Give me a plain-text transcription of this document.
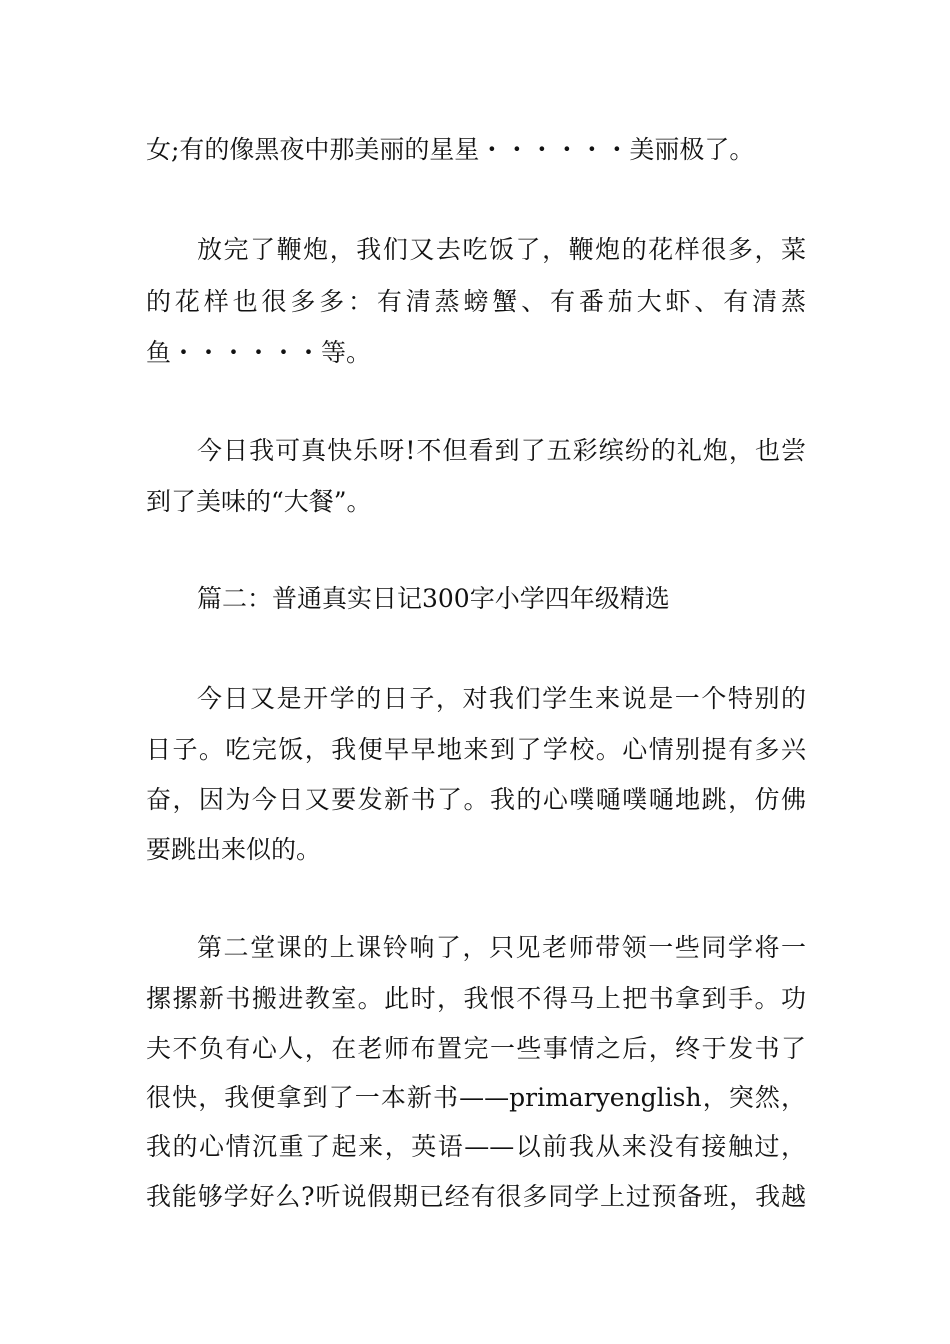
女;有的像黑夜中那美丽的星星・・・・・・美丽极了。
放完了鞭炮，我们又去吃饭了，鞭炮的花样很多，菜
的花样也很多多：有清蒸螃蟹、有番茄大虾、有清蒸
鱼・・・・・・等。
今日我可真快乐呀!不但看到了五彩缤纷的礼炮，也尝
到了美味的“大餐”。
篇二：普通真实日记300字小学四年级精选
今日又是开学的日子，对我们学生来说是一个特别的
日子。吃完饭，我便早早地来到了学校。心情别提有多兴
奋，因为今日又要发新书了。我的心噗嗵噗嗵地跳，仿佛
要跳出来似的。
第二堂课的上课铃响了，只见老师带领一些同学将一
摞摞新书搬进教室。此时，我恨不得马上把书拿到手。功
夫不负有心人，在老师布置完一些事情之后，终于发书了
很快，我便拿到了一本新书——primaryenglish，突然，
我的心情沉重了起来，英语——以前我从来没有接触过，
我能够学好么?听说假期已经有很多同学上过预备班，我越
